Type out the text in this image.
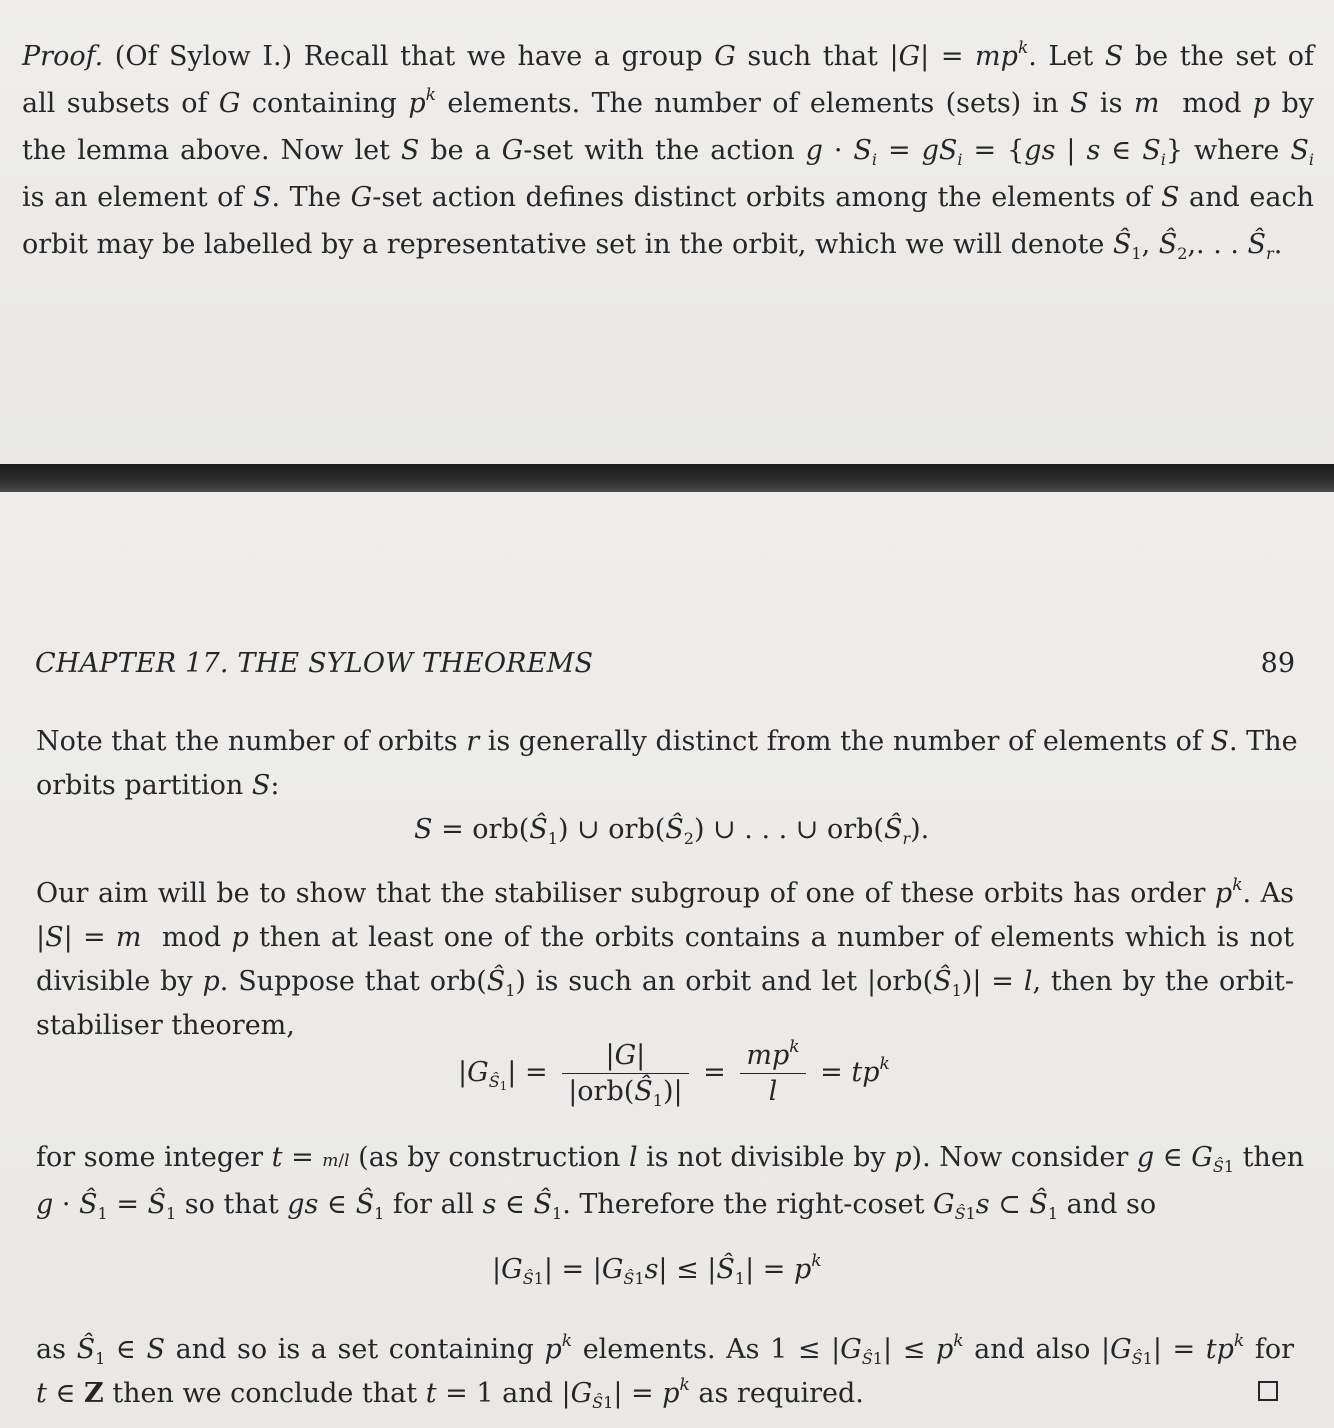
Proof. (Of Sylow I.) Recall that we have a group G such that $|G| = mp^k$. Let S be the set of
all subsets of G containing $p^k$ elements. The number of elements (sets) in S is m  mod p by
the lemma above. Now let S be a G-set with the action $g \cdot S_i = gS_i = \{gs$ | s ∈ $S_i$} where $S_i$
is an element of S. The G-set action defines distinct orbits among the elements of S and each
orbit may be labelled by a representative set in the orbit, which we will denote $Ŝ_1$, $Ŝ_2$,. . . $Ŝ_r$.
CHAPTER 17. THE SYLOW THEOREMS	89
Note that the number of orbits r is generally distinct from the number of elements of S. The
orbits partition S:
$S = orb(Ŝ_1)$ ∪ $orb(Ŝ_2)$ ∪ . . . ∪ $orb(Ŝ_r)$.
Our aim will be to show that the stabiliser subgroup of one of these orbits has order $p^k$. As
|S| = m  mod p then at least one of the orbits contains a number of elements which is not
divisible by p. Suppose that $orb(Ŝ_1)$ is such an orbit and let $|orb(Ŝ_1)| = l$, then by the orbit-
stabiliser theorem,
$|G_{Ŝ_1}| = \frac{|G|}{|orb(Ŝ_1)|} = \frac{mp^k}{l} = tp^k$
for some integer t = m/l (as by construction l is not divisible by p). Now consider g ∈ $G_{Ŝ1}$ then
$g \cdot Ŝ_1$ = $Ŝ_1$ so that gs ∈ $Ŝ_1$ for all s ∈ $Ŝ_1$. Therefore the right-coset $G_{Ŝ1}s$ ⊂ $Ŝ_1$ and so
$|G_{Ŝ1}| = |G_{Ŝ1}s|$ ≤ $|Ŝ_1| = p^k$
as $Ŝ_1$ ∈ S and so is a set containing $p^k$ elements. As $1 \le |G_{Ŝ1}| \le p^k$ and also $|G_{Ŝ1}| = tp^k$ for
t ∈ Z then we conclude that t = 1 and $|G_{Ŝ1}| = p^k$ as required.
